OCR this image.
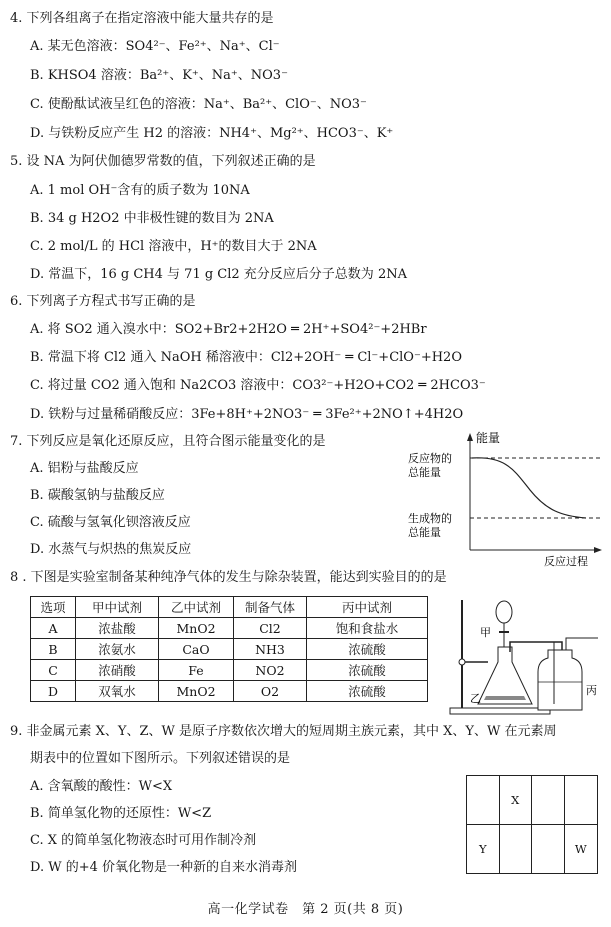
4. 下列各组离子在指定溶液中能大量共存的是
A. 某无色溶液：SO4²⁻、Fe²⁺、Na⁺、Cl⁻
B. KHSO4 溶液：Ba²⁺、K⁺、Na⁺、NO3⁻
C. 使酚酞试液呈红色的溶液：Na⁺、Ba²⁺、ClO⁻、NO3⁻
D. 与铁粉反应产生 H2 的溶液：NH4⁺、Mg²⁺、HCO3⁻、K⁺
5. 设 NA 为阿伏伽德罗常数的值，下列叙述正确的是
A. 1 mol OH⁻含有的质子数为 10NA
B. 34 g H2O2 中非极性键的数目为 2NA
C. 2 mol/L 的 HCl 溶液中，H⁺的数目大于 2NA
D. 常温下，16 g CH4 与 71 g Cl2 充分反应后分子总数为 2NA
6. 下列离子方程式书写正确的是
A. 将 SO2 通入溴水中：SO2+Br2+2H2O ═ 2H⁺+SO4²⁻+2HBr
B. 常温下将 Cl2 通入 NaOH 稀溶液中：Cl2+2OH⁻ ═ Cl⁻+ClO⁻+H2O
C. 将过量 CO2 通入饱和 Na2CO3 溶液中：CO3²⁻+H2O+CO2 ═ 2HCO3⁻
D. 铁粉与过量稀硝酸反应：3Fe+8H⁺+2NO3⁻ ═ 3Fe²⁺+2NO↑+4H2O
7. 下列反应是氧化还原反应，且符合图示能量变化的是
A. 铝粉与盐酸反应
B. 碳酸氢钠与盐酸反应
C. 硫酸与氢氧化钡溶液反应
D. 水蒸气与炽热的焦炭反应
能量
反应过程
反应物的
总能量
生成物的
总能量
8 . 下图是实验室制备某种纯净气体的发生与除杂装置，能达到实验目的的是
选项	甲中试剂	乙中试剂	制备气体	丙中试剂
A	浓盐酸	MnO2	Cl2	饱和食盐水
B	浓氨水	CaO	NH3	浓硫酸
C	浓硝酸	Fe	NO2	浓硫酸
D	双氧水	MnO2	O2	浓硫酸
甲
乙
丙
9. 非金属元素 X、Y、Z、W 是原子序数依次增大的短周期主族元素，其中 X、Y、W 在元素周
期表中的位置如下图所示。下列叙述错误的是
A. 含氧酸的酸性：W<X
B. 简单氢化物的还原性：W<Z
C. X 的简单氢化物液态时可用作制冷剂
D. W 的+4 价氧化物是一种新的自来水消毒剂
X
Y	W
高一化学试卷　第 2 页(共 8 页)
